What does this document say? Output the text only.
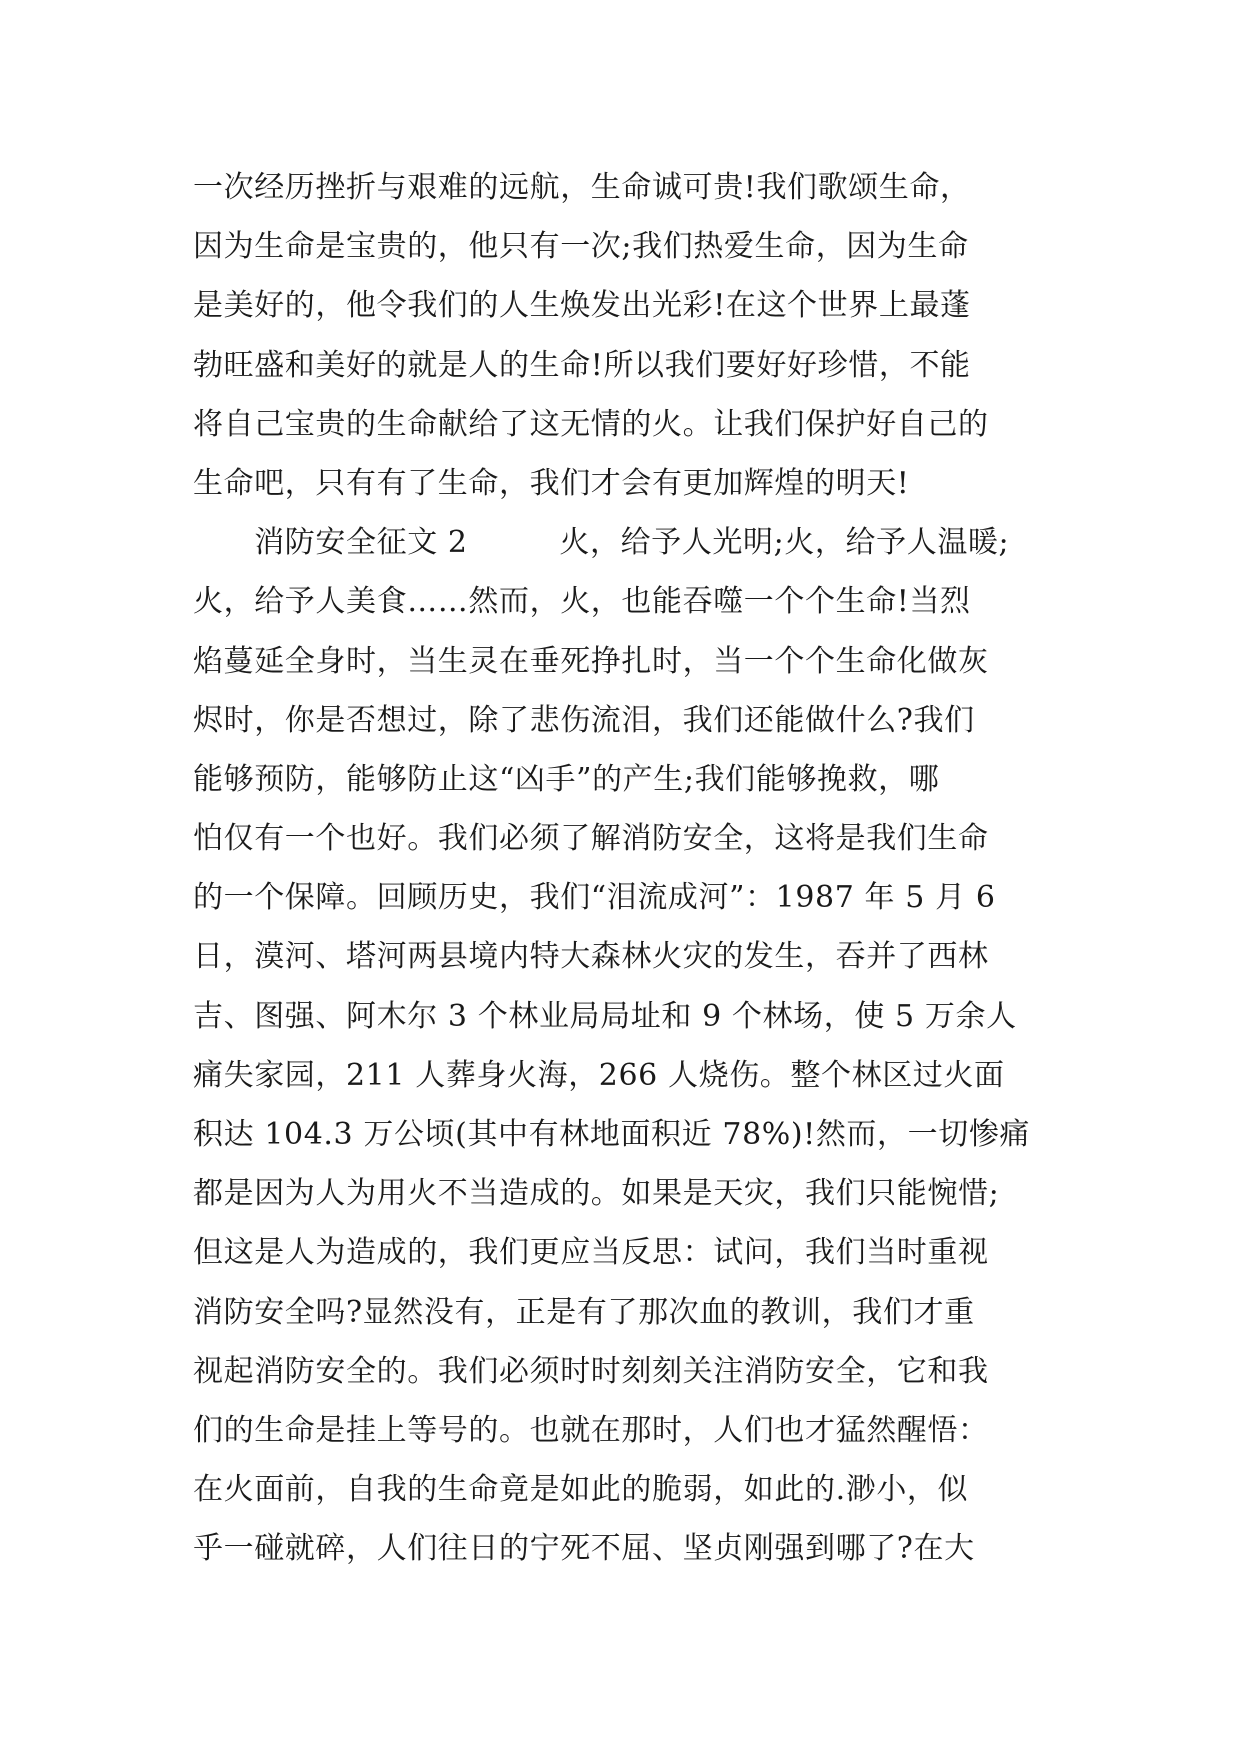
一次经历挫折与艰难的远航，生命诚可贵!我们歌颂生命，
因为生命是宝贵的，他只有一次;我们热爱生命，因为生命
是美好的，他令我们的人生焕发出光彩!在这个世界上最蓬
勃旺盛和美好的就是人的生命!所以我们要好好珍惜，不能
将自己宝贵的生命献给了这无情的火。让我们保护好自己的
生命吧，只有有了生命，我们才会有更加辉煌的明天!
　　消防安全征文 2　　　火，给予人光明;火，给予人温暖;
火，给予人美食……然而，火，也能吞噬一个个生命!当烈
焰蔓延全身时，当生灵在垂死挣扎时，当一个个生命化做灰
烬时，你是否想过，除了悲伤流泪，我们还能做什么?我们
能够预防，能够防止这“凶手”的产生;我们能够挽救，哪
怕仅有一个也好。我们必须了解消防安全，这将是我们生命
的一个保障。回顾历史，我们“泪流成河”：1987 年 5 月 6
日，漠河、塔河两县境内特大森林火灾的发生，吞并了西林
吉、图强、阿木尔 3 个林业局局址和 9 个林场，使 5 万余人
痛失家园，211 人葬身火海，266 人烧伤。整个林区过火面
积达 104.3 万公顷(其中有林地面积近 78%)!然而，一切惨痛
都是因为人为用火不当造成的。如果是天灾，我们只能惋惜;
但这是人为造成的，我们更应当反思：试问，我们当时重视
消防安全吗?显然没有，正是有了那次血的教训，我们才重
视起消防安全的。我们必须时时刻刻关注消防安全，它和我
们的生命是挂上等号的。也就在那时，人们也才猛然醒悟：
在火面前，自我的生命竟是如此的脆弱，如此的.渺小，似
乎一碰就碎，人们往日的宁死不屈、坚贞刚强到哪了?在大
